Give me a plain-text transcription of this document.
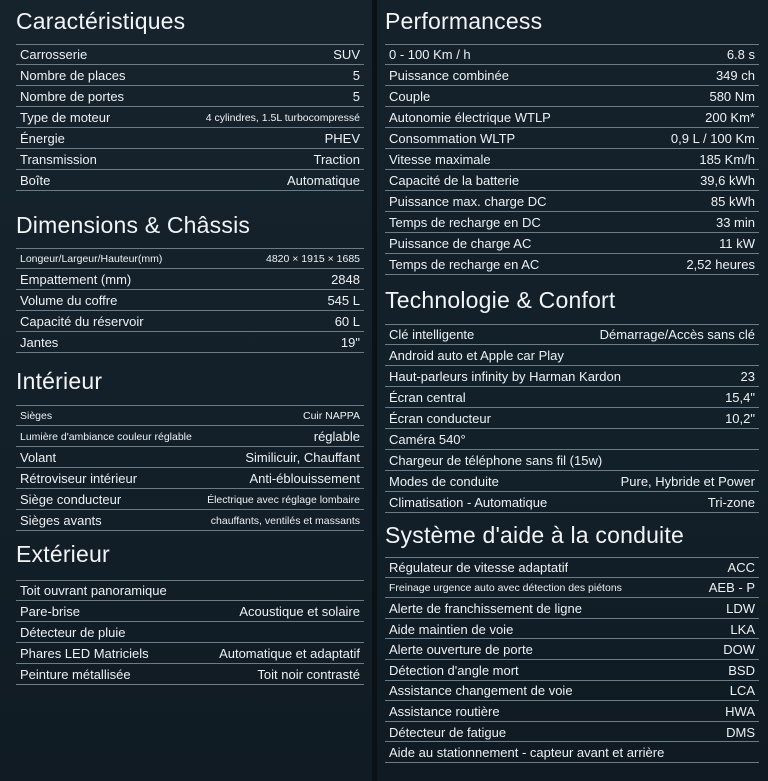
Caractéristiques
Carrosserie	SUV
Nombre de places	5
Nombre de portes	5
Type de moteur	4 cylindres, 1.5L turbocompressé
Énergie	PHEV
Transmission	Traction
Boîte	Automatique
Dimensions & Châssis
Longeur/Largeur/Hauteur(mm)	4820 × 1915 × 1685
Empattement (mm)	2848
Volume du coffre	545 L
Capacité du réservoir	60 L
Jantes	19"
Intérieur
Sièges	Cuir NAPPA
Lumière d'ambiance couleur réglable	réglable
Volant	Similicuir, Chauffant
Rétroviseur intérieur	Anti-éblouissement
Siège conducteur	Électrique avec réglage lombaire
Sièges avants	chauffants, ventilés et massants
Extérieur
Toit ouvrant panoramique
Pare-brise	Acoustique et solaire
Détecteur de pluie
Phares LED Matriciels	Automatique et adaptatif
Peinture métallisée	Toit noir contrasté
Performancess
0 - 100 Km / h	6.8 s
Puissance combinée	349 ch
Couple	580 Nm
Autonomie électrique WTLP	200 Km*
Consommation WLTP	0,9 L / 100 Km
Vitesse maximale	185 Km/h
Capacité de la batterie	39,6 kWh
Puissance max. charge DC	85 kWh
Temps de recharge en DC	33 min
Puissance de charge AC	11 kW
Temps de recharge en AC	2,52 heures
Technologie & Confort
Clé intelligente	Démarrage/Accès sans clé
Android auto et Apple car Play
Haut-parleurs infinity by Harman Kardon	23
Écran central	15,4"
Écran conducteur	10,2"
Caméra 540°
Chargeur de téléphone sans fil (15w)
Modes de conduite	Pure, Hybride et Power
Climatisation - Automatique	Tri-zone
Système d'aide à la conduite
Régulateur de vitesse adaptatif	ACC
Freinage urgence auto avec détection des piétons	AEB - P
Alerte de franchissement de ligne	LDW
Aide maintien de voie	LKA
Alerte ouverture de porte	DOW
Détection d'angle mort	BSD
Assistance changement de voie	LCA
Assistance routière	HWA
Détecteur de fatigue	DMS
Aide au stationnement - capteur avant et arrière
